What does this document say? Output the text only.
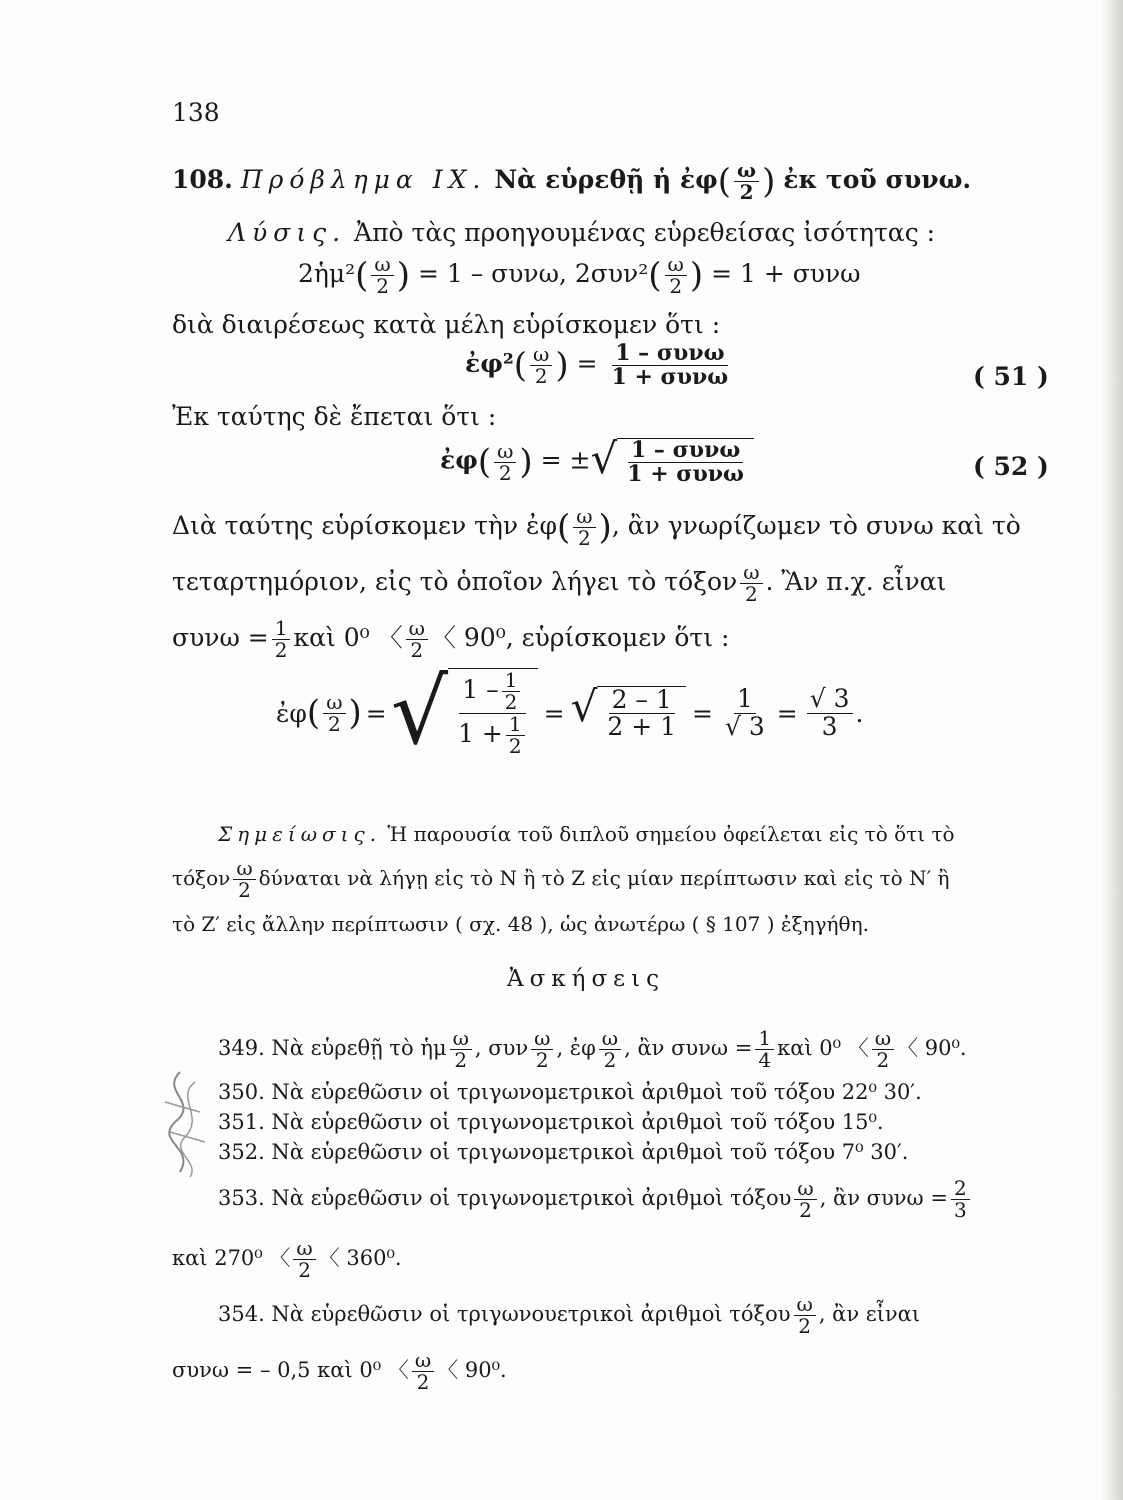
138
108. Πρόβλημα ΙΧ. Νὰ εὑρεθῇ ἡ ἐφ( $\frac{\omega}{2}$ ) ἐκ τοῦ συνω.
Λύσις. Ἀπὸ τὰς προηγουμένας εὑρεθείσας ἰσότητας :
2ἡμ²( $\frac{\omega}{2}$ ) = 1 – συνω, $2\sigma\upsilon\nu^2( \frac{\omega}{2}$ ) = 1 + συνω
διὰ διαιρέσεως κατὰ μέλη εὑρίσκομεν ὅτι :
ἐφ²( $\frac{\omega}{2}$ ) = $\frac{\text{1 – συνω}}{\text{1 + συνω}}$	( 51 )
Ἐκ ταύτης δὲ ἔπεται ὅτι :
ἐφ( $\frac{\omega}{2}$ ) = ± √ $\frac{\text{1 – συνω}}{\text{1 + συνω}}$	( 52 )
Διὰ ταύτης εὑρίσκομεν τὴν ἐφ( $\frac{\omega}{2}$ ), ἂν γνωρίζωμεν τὸ συνω καὶ τὸ
τεταρτημόριον, εἰς τὸ ὁποῖον λήγει τὸ τόξον $\frac{\omega}{2}$ . Ἂν π.χ. εἶναι
$\sigma\upsilon\nu\omega = \frac{1}{2}$ καὶ 0⁰ 〈 $\frac{\omega}{2}$ 〈 90⁰, εὑρίσκομεν ὅτι :
ἐφ ( $\frac{\omega}{2}$ ) = √ $\frac{1 - \frac{1}{2}}{1 + \frac{1}{2}}$ = √ $\frac{2 - 1}{2 + 1} = \frac{1}{√ 3} = \frac{√ 3}{3}$ .
Σημείωσις. Ἡ παρουσία τοῦ διπλοῦ σημείου ὀφείλεται εἰς τὸ ὅτι τὸ
τόξον $\frac{\omega}{2}$ δύναται νὰ λήγῃ εἰς τὸ Ν ἢ τὸ Ζ εἰς μίαν περίπτωσιν καὶ εἰς τὸ Ν′ ἢ
τὸ Ζ′ εἰς ἄλλην περίπτωσιν ( σχ. 48 ), ὡς ἀνωτέρω ( § 107 ) ἐξηγήθη.
Ἀσκήσεις
349. Νὰ εὑρεθῇ τὸ ἡμ $\frac{\omega}{2}$ , συν $\frac{\omega}{2}$ , ἐφ $\frac{\omega}{2}$ , ἂν $\sigma\upsilon\nu\omega = \frac{1}{4}$ καὶ 0⁰ 〈 $\frac{\omega}{2}$ 〈 90⁰.
350. Νὰ εὑρεθῶσιν οἱ τριγωνομετρικοὶ ἀριθμοὶ τοῦ τόξου 22⁰ 30′.
351. Νὰ εὑρεθῶσιν οἱ τριγωνομετρικοὶ ἀριθμοὶ τοῦ τόξου 15⁰.
352. Νὰ εὑρεθῶσιν οἱ τριγωνομετρικοὶ ἀριθμοὶ τοῦ τόξου 7⁰ 30′.
353. Νὰ εὑρεθῶσιν οἱ τριγωνομετρικοὶ ἀριθμοὶ τόξου $\frac{\omega}{2}$ , ἂν $\sigma\upsilon\nu\omega = \frac{2}{3}$
καὶ 270⁰ 〈 $\frac{\omega}{2}$ 〈 360⁰.
354. Νὰ εὑρεθῶσιν οἱ τριγωνουετρικοὶ ἀριθμοὶ τόξου $\frac{\omega}{2}$ , ἂν εἶναι
συνω = – 0,5 καὶ 0⁰ 〈 $\frac{\omega}{2}$ 〈 90⁰.
